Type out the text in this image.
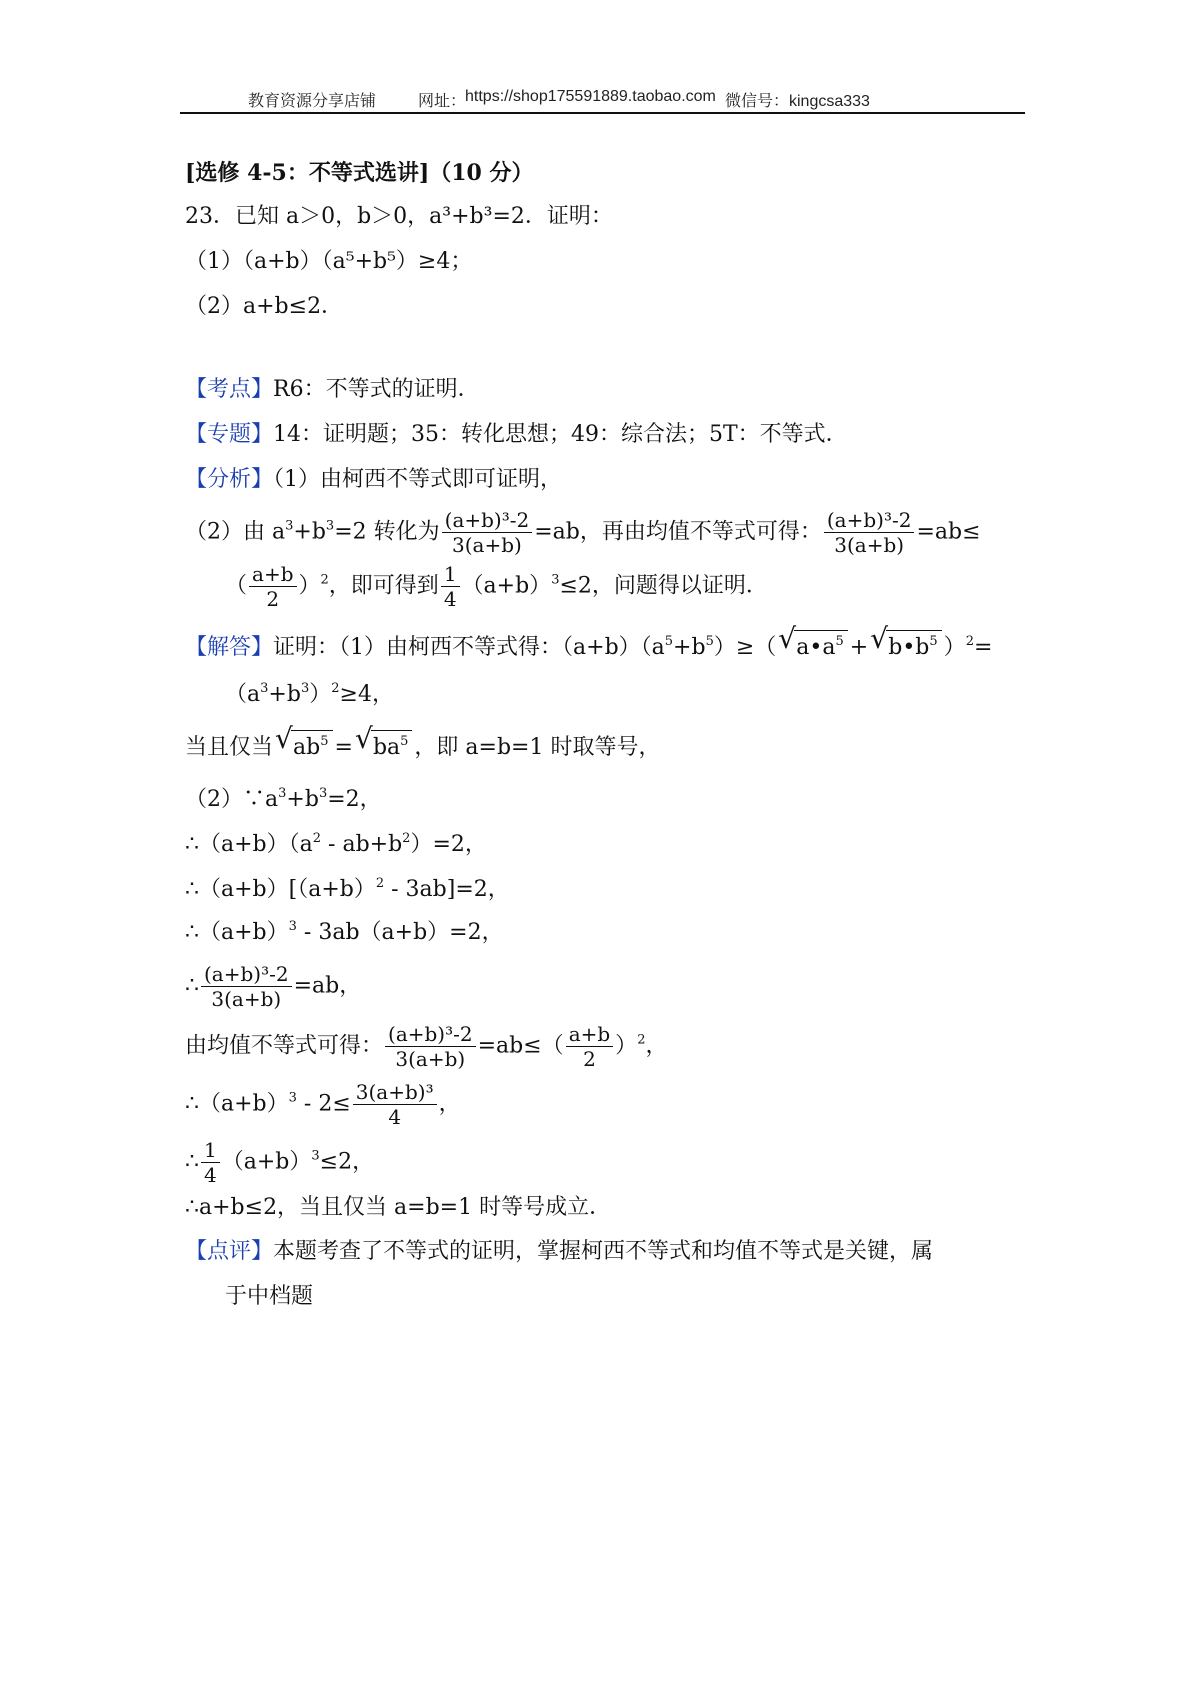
教育资源分享店铺	网址：
https://shop175591889.taobao.com 微信号：kingcsa333
[选修 4-5：不等式选讲]（10 分）
23．已知 a＞0，b＞0，a³+b³=2．证明：
（1）（a+b）（a⁵+b⁵）≥4；
（2）a+b≤2．
【考点】R6：不等式的证明．
【专题】14：证明题；35：转化思想；49：综合法；5T：不等式．
【分析】（1）由柯西不等式即可证明，
（2）由 $a^3+b^3=2$ 转化为 $\frac{\text{(a+b)³-2}}{3(a+b)} =ab$，再由均值不等式可得： $\frac{\text{(a+b)³-2}}{3(a+b)} =ab\le$
（ $\frac{a+b}{2} )^2$，即可得到 $\frac{1}{4} (a+b)^3\le 2$，问题得以证明．
【解答】证明：（1）由柯西不等式得：$(a+b)(a^5+b^5)\ge$（ √ $a•a^5$ + √ $b•b^5$ ）$^2$=
$(a^3+b^3)^2\ge 4$，
当且仅当 √ $ab^5$ = √ $ba^5$ ，即 a=b=1 时取等号，
$(2)\because a^3+b^3=2$，
$\therefore(a+b)(a^2 - ab+b^2)=2$，
$\therefore(a+b)[(a+b)^2 - 3ab]=2$，
$\therefore(a+b)^3 - 3ab(a+b)=2$，
∴ $\frac{\text{(a+b)³-2}}{3(a+b)} =ab$，
由均值不等式可得： $\frac{\text{(a+b)³-2}}{3(a+b)} =ab\le( \frac{a+b}{2} )^2$，
$\therefore(a+b)^3 - 2\le \frac{\text{3(a+b)³}}{4}$ ，
∴ $\frac{1}{4} (a+b)^3\le 2$，
∴a+b≤2，当且仅当 a=b=1 时等号成立．
【点评】本题考查了不等式的证明，掌握柯西不等式和均值不等式是关键，属
于中档题
